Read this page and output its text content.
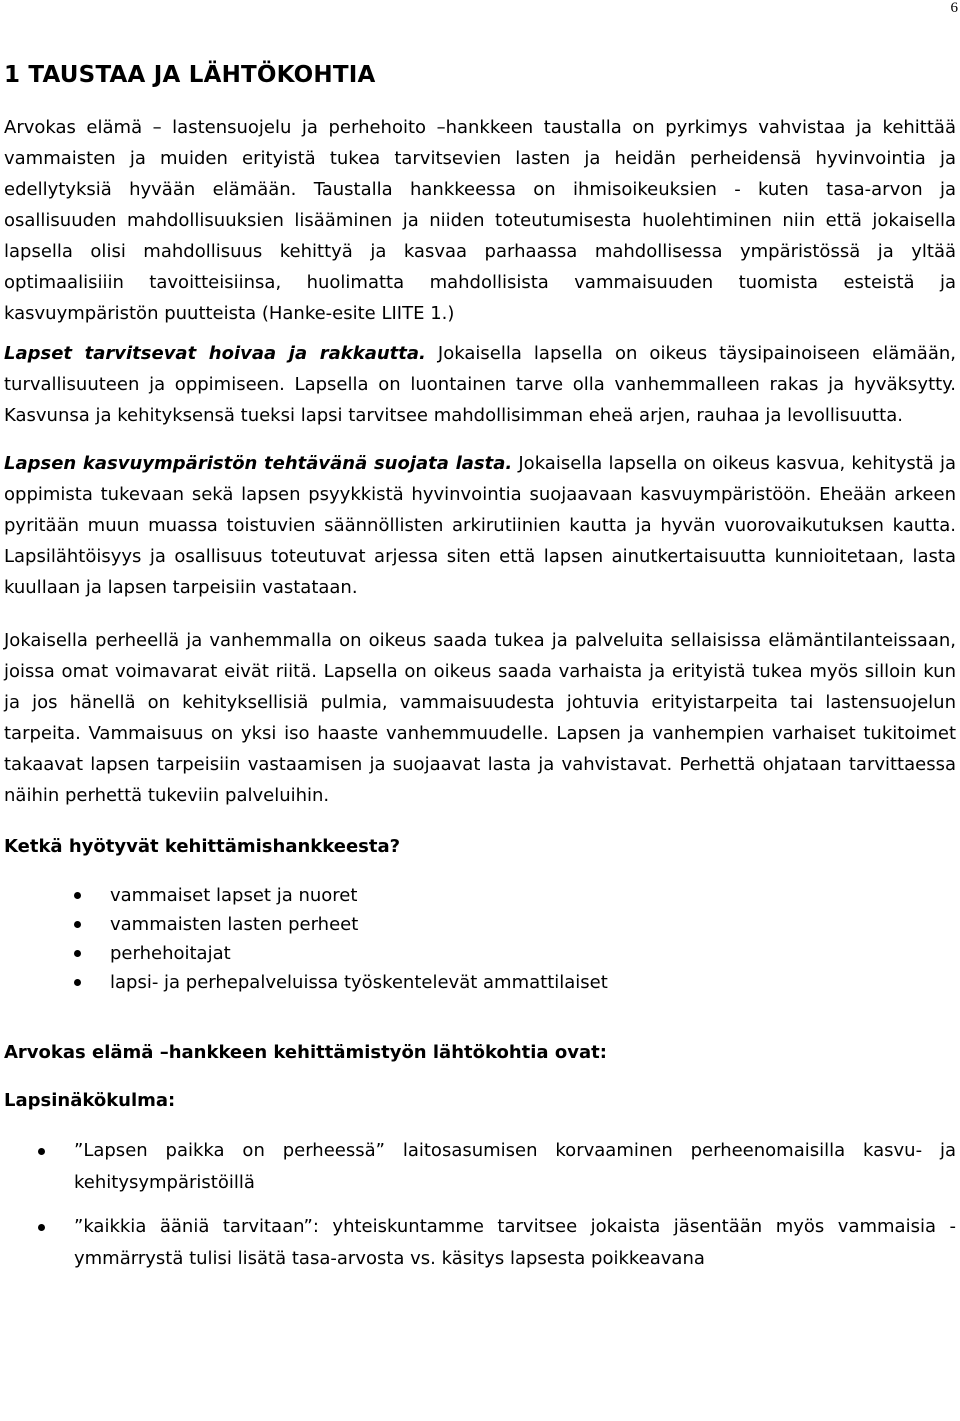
6
1 TAUSTAA JA LÄHTÖKOHTIA

Arvokas elämä – lastensuojelu ja perhehoito –hankkeen taustalla on pyrkimys vahvistaa ja kehittää vammaisten ja muiden erityistä tukea tarvitsevien lasten ja heidän perheidensä hyvinvointia ja edellytyksiä hyvään elämään. Taustalla hankkeessa on ihmisoikeuksien - kuten tasa-arvon ja osallisuuden mahdollisuuksien lisääminen ja niiden toteutumisesta huolehtiminen niin että jokaisella lapsella olisi mahdollisuus kehittyä ja kasvaa parhaassa mahdollisessa ympäristössä ja yltää optimaalisiiin tavoitteisiinsa, huolimatta mahdollisista vammaisuuden tuomista esteistä ja kasvuympäristön puutteista (Hanke-esite LIITE 1.)

Lapset tarvitsevat hoivaa ja rakkautta. Jokaisella lapsella on oikeus täysipainoiseen elämään, turvallisuuteen ja oppimiseen. Lapsella on luontainen tarve olla vanhemmalleen rakas ja hyväksytty. Kasvunsa ja kehityksensä tueksi lapsi tarvitsee mahdollisimman eheä arjen, rauhaa ja levollisuutta.

Lapsen kasvuympäristön tehtävänä suojata lasta. Jokaisella lapsella on oikeus kasvua, kehitystä ja oppimista tukevaan sekä lapsen psyykkistä hyvinvointia suojaavaan kasvuympäristöön. Eheään arkeen pyritään muun muassa toistuvien säännöllisten arkirutiinien kautta ja hyvän vuorovaikutuksen kautta. Lapsilähtöisyys ja osallisuus toteutuvat arjessa siten että lapsen ainutkertaisuutta kunnioitetaan, lasta kuullaan ja lapsen tarpeisiin vastataan.

Jokaisella perheellä ja vanhemmalla on oikeus saada tukea ja palveluita sellaisissa elämäntilanteissaan, joissa omat voimavarat eivät riitä. Lapsella on oikeus saada varhaista ja erityistä tukea myös silloin kun ja jos hänellä on kehityksellisiä pulmia, vammaisuudesta johtuvia erityistarpeita tai lastensuojelun tarpeita. Vammaisuus on yksi iso haaste vanhemmuudelle. Lapsen ja vanhempien varhaiset tukitoimet takaavat lapsen tarpeisiin vastaamisen ja suojaavat lasta ja vahvistavat. Perhettä ohjataan tarvittaessa näihin perhettä tukeviin palveluihin.

Ketkä hyötyvät kehittämishankkeesta?
vammaiset lapset ja nuoret
vammaisten lasten perheet
perhehoitajat
lapsi- ja perhepalveluissa työskentelevät ammattilaiset
Arvokas elämä –hankkeen kehittämistyön lähtökohtia ovat:
Lapsinäkökulma:
”Lapsen paikka on perheessä” laitosasumisen korvaaminen perheenomaisilla kasvu- ja kehitysympäristöillä
”kaikkia ääniä tarvitaan”: yhteiskuntamme tarvitsee jokaista jäsentään myös vammaisia - ymmärrystä tulisi lisätä tasa-arvosta vs. käsitys lapsesta poikkeavana
